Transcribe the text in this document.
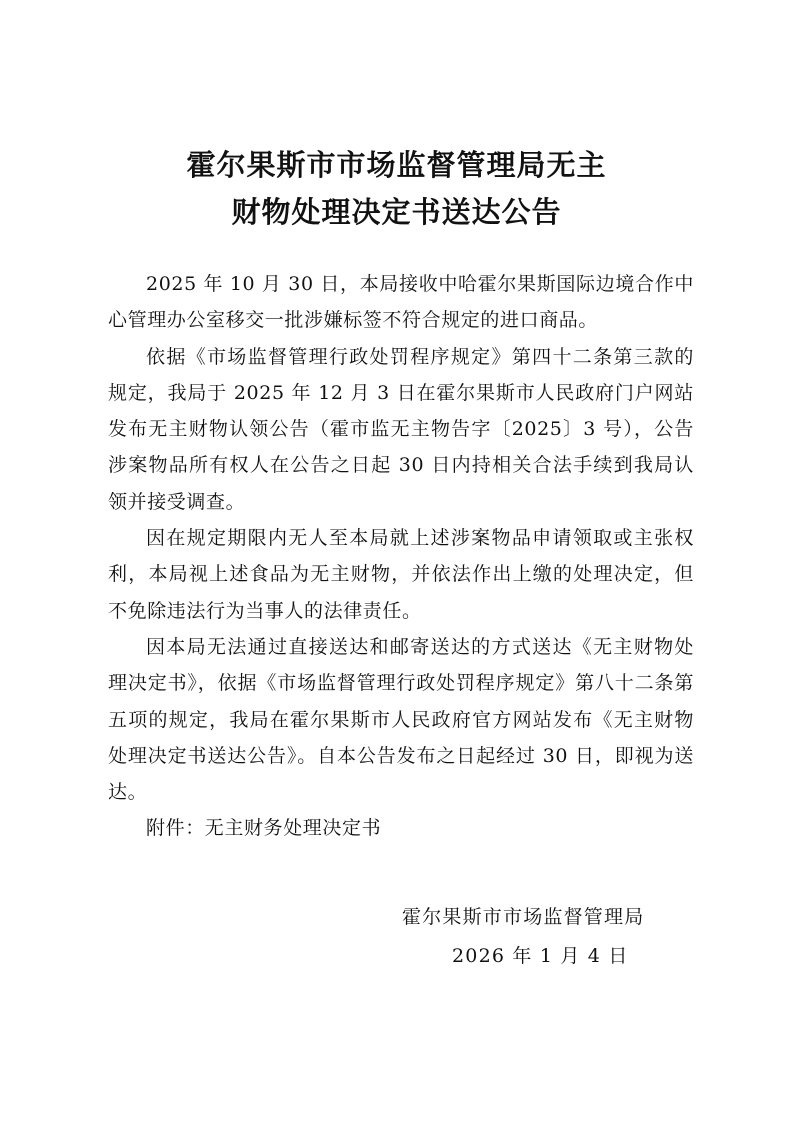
霍尔果斯市市场监督管理局无主
财物处理决定书送达公告

2025 年 10 月 30 日，本局接收中哈霍尔果斯国际边境合作中心管理办公室移交一批涉嫌标签不符合规定的进口商品。

依据《市场监督管理行政处罚程序规定》第四十二条第三款的规定，我局于 2025 年 12 月 3 日在霍尔果斯市人民政府门户网站发布无主财物认领公告（霍市监无主物告字〔2025〕3 号），公告涉案物品所有权人在公告之日起 30 日内持相关合法手续到我局认领并接受调查。

因在规定期限内无人至本局就上述涉案物品申请领取或主张权利，本局视上述食品为无主财物，并依法作出上缴的处理决定，但不免除违法行为当事人的法律责任。

因本局无法通过直接送达和邮寄送达的方式送达《无主财物处理决定书》，依据《市场监督管理行政处罚程序规定》第八十二条第五项的规定，我局在霍尔果斯市人民政府官方网站发布《无主财物处理决定书送达公告》。自本公告发布之日起经过 30 日，即视为送达。

附件：无主财务处理决定书

霍尔果斯市市场监督管理局
2026 年 1 月 4 日
